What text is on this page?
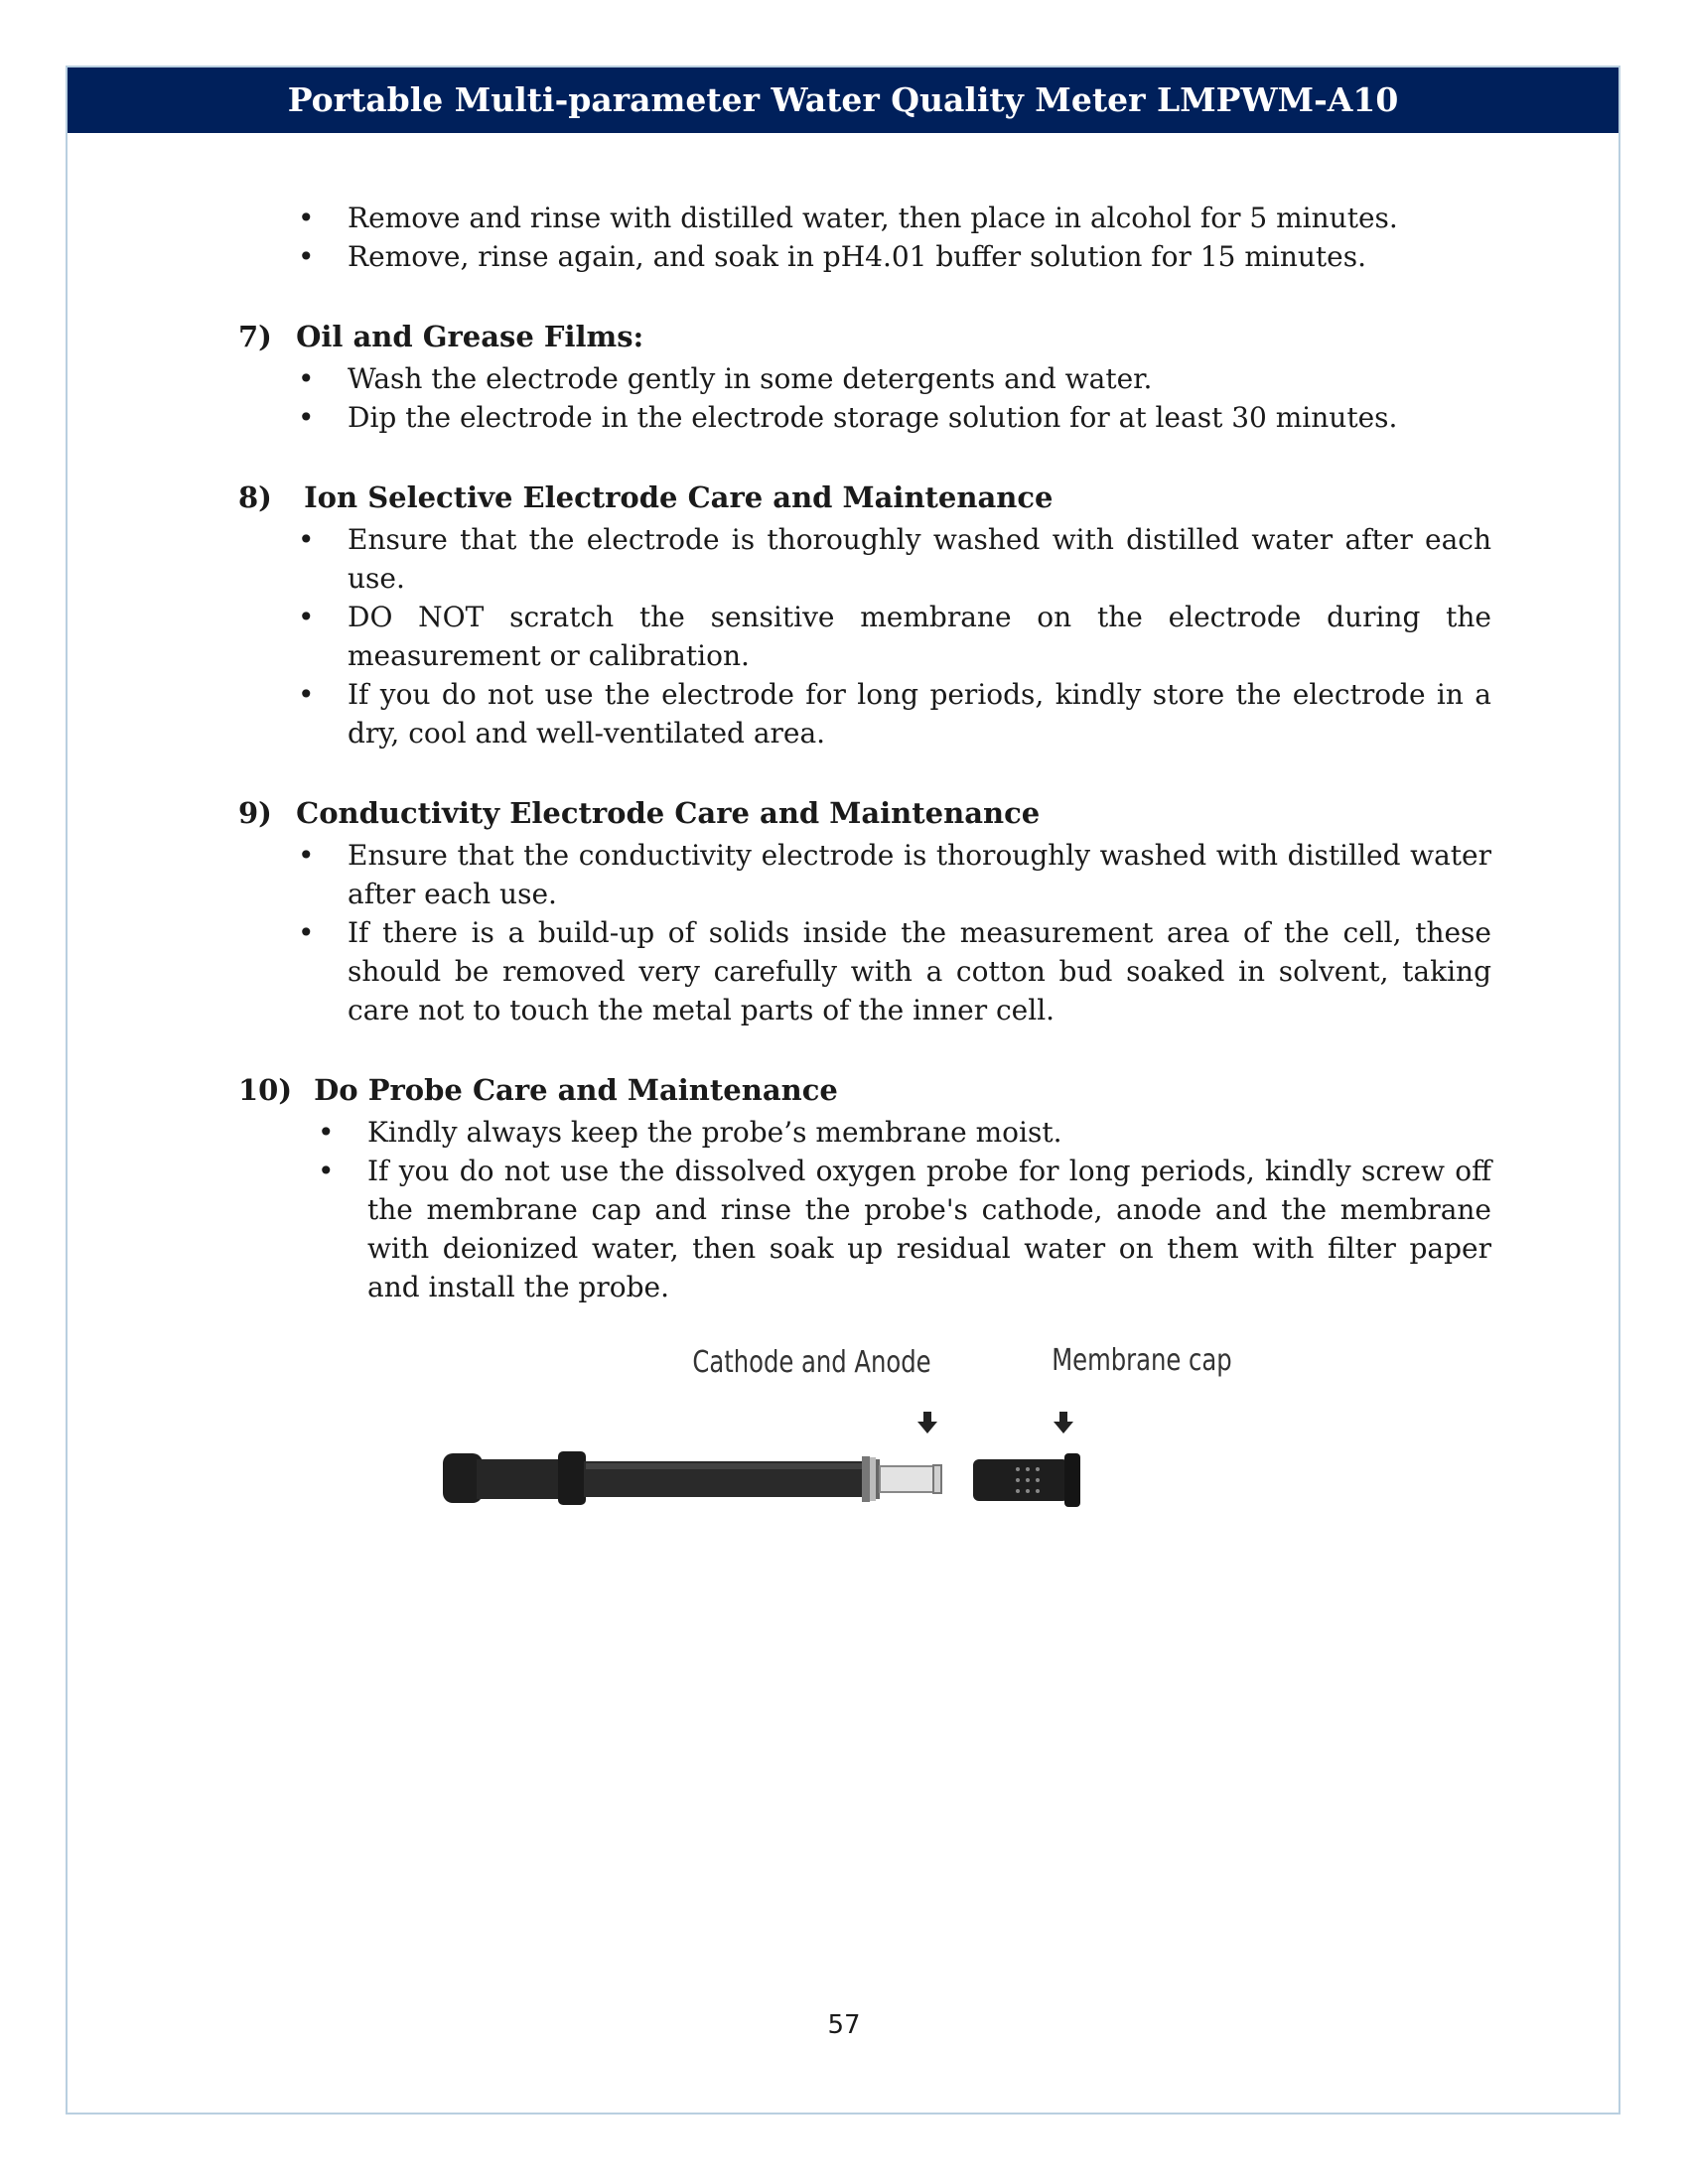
Portable Multi-parameter Water Quality Meter LMPWM-A10
• Remove and rinse with distilled water, then place in alcohol for 5 minutes.
• Remove, rinse again, and soak in pH4.01 buffer solution for 15 minutes.
7) Oil and Grease Films:
• Wash the electrode gently in some detergents and water.
• Dip the electrode in the electrode storage solution for at least 30 minutes.
8) Ion Selective Electrode Care and Maintenance
• Ensure that the electrode is thoroughly washed with distilled water after each use.
• DO NOT scratch the sensitive membrane on the electrode during the measurement or calibration.
• If you do not use the electrode for long periods, kindly store the electrode in a dry, cool and well-ventilated area.
9) Conductivity Electrode Care and Maintenance
• Ensure that the conductivity electrode is thoroughly washed with distilled water after each use.
• If there is a build-up of solids inside the measurement area of the cell, these should be removed very carefully with a cotton bud soaked in solvent, taking care not to touch the metal parts of the inner cell.
10) Do Probe Care and Maintenance
• Kindly always keep the probe’s membrane moist.
• If you do not use the dissolved oxygen probe for long periods, kindly screw off the membrane cap and rinse the probe's cathode, anode and the membrane with deionized water, then soak up residual water on them with filter paper and install the probe.
Cathode and Anode	Membrane cap
57
